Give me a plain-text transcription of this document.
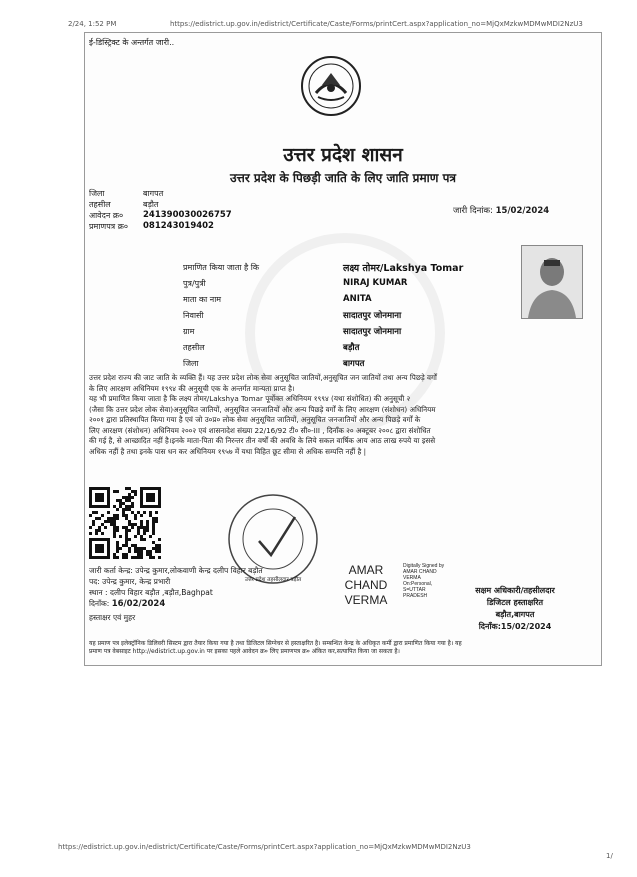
2/24, 1:52 PM	https://edistrict.up.gov.in/edistrict/Certificate/Caste/Forms/printCert.aspx?application_no=MjQxMzkwMDMwMDI2NzU3
ई-डिस्ट्रिक्ट के अन्तर्गत जारी..
उत्तर प्रदेश शासन
उत्तर प्रदेश के पिछड़ी जाति के लिए जाति प्रमाण पत्र
जिला	बागपत
तहसील	बड़ौत
आवेदन क्र०	241390030026757
प्रमाणपत्र क्र०	081243019402
जारी दिनांक: 15/02/2024
प्रमाणित किया जाता है कि	लक्ष्य तोमर/Lakshya Tomar
पुत्र/पुत्री	NIRAJ KUMAR
माता का नाम	ANITA
निवासी	सादातपुर जोनमाना
ग्राम	सादातपुर जोनमाना
तहसील	बड़ौत
जिला	बागपत
उत्तर प्रदेश राज्य की जाट जाति के व्यक्ति हैं। यह उत्तर प्रदेश लोक सेवा अनुसूचित जातियों,अनुसूचित जन जातियों तथा अन्य पिछड़े वर्गों
के लिए आरक्षण अधिनियम १९९४ की अनुसूची एक के अन्तर्गत मान्यता प्राप्त है।
यह भी प्रमाणित किया जाता है कि लक्ष्य तोमर/Lakshya Tomar पूर्वोक्त अधिनियम १९९४ (यथा संशोधित) की अनुसूची २
(जैसा कि उत्तर प्रदेश लोक सेवा)अनुसूचित जातियों, अनुसूचित जनजातियों और अन्य पिछड़े वर्गों के लिए आरक्षण (संशोधन) अधिनियम
२००१ द्वारा प्रतिस्थापित किया गया है एवं जो उ०प्र० लोक सेवा अनुसूचित जातियों, अनुसूचित जनजातियों और अन्य पिछड़े वर्गों के
लिए आरक्षण (संशोधन) अधिनियम २००२ एवं शासनादेश संख्या 22/16/92 टी० सी०-III , दिनाँक २० अक्टूबर २००८ द्वारा संशोधित
की गई है, से आच्छादित नहीं है।इनके माता-पिता की निरन्तर तीन वर्षों की अवधि के लिये सकल वार्षिक आय आठ लाख रुपये या इससे
अधिक नहीं है तथा इनके पास धन कर अधिनियम १९५७ में यथा विहित छूट सीमा से अधिक सम्पत्ति नहीं है |
उत्तर प्रदेश तहसीलदार बड़ौत
जारी कर्ता केन्द्र: उपेन्द्र कुमार,लोकवाणी केन्द्र दलीप विहार बड़ौत
पद: उपेन्द्र कुमार, केन्द्र प्रभारी
स्थान : दलीप विहार बड़ौत ,बड़ौत,Baghpat
दिनाँक: 16/02/2024
हस्ताक्षर एवं मुहर
AMAR
CHAND
VERMA
Digitally Signed by
AMAR CHAND
VERMA
On:Personal,
S=UTTAR
PRADESH
सक्षम अधिकारी/तहसीलदार
डिजिटल हस्ताक्षरित
बड़ौत,बागपत
दिनाँक:15/02/2024
यह प्रमाण पत्र इलेक्ट्रॉनिक डिलिवरी सिस्टम द्वारा तैयार किया गया है तथा डिजिटल सिग्नेचर से हस्ताक्षरित है। सम्बन्धित केन्द्र के अधिकृत कर्मी द्वारा प्रमाणित किया गया है। यह
प्रमाण पत्र वेबसाइट http://edistrict.up.gov.in पर इसका पहले आवेदन क्र० लिए प्रमाणपत्र क्र० अंकित कर,सत्यापित किया जा सकता है।
https://edistrict.up.gov.in/edistrict/Certificate/Caste/Forms/printCert.aspx?application_no=MjQxMzkwMDMwMDI2NzU3
1/
